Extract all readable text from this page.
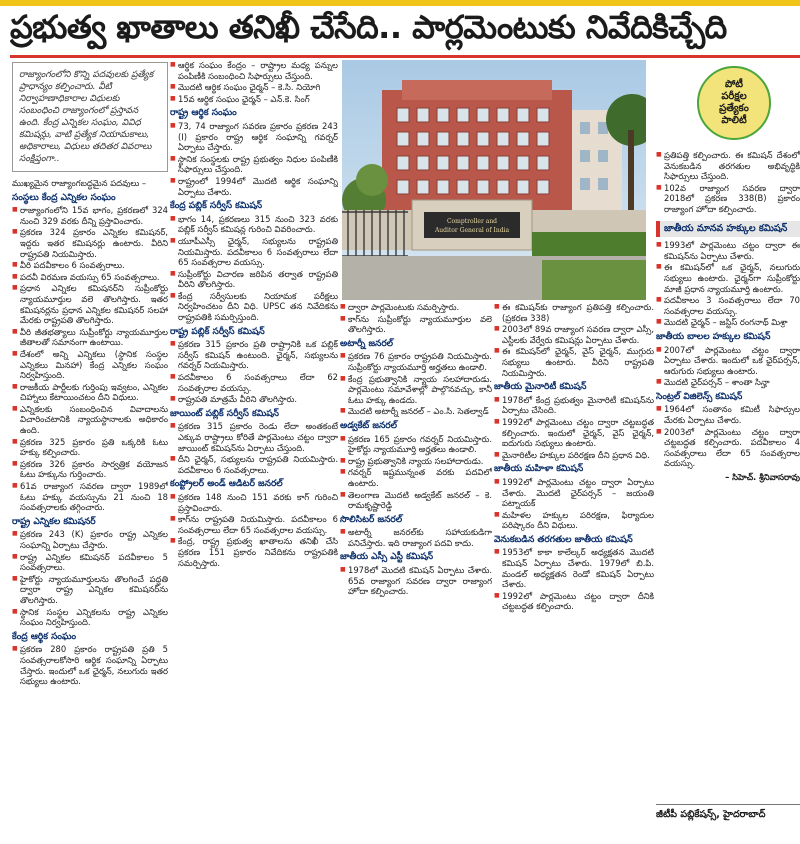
ప్రభుత్వ ఖాతాలు తనిఖీ చేసేది.. పార్లమెంటుకు నివేదికిచ్చేది
రాజ్యాంగంలోని కొన్ని పదవులకు ప్రత్యేక ప్రాధాన్యం కల్పించారు. వీటి నిర్వాహణాధికారాల విధులకు సంబంధించి రాజ్యాంగంలో ప్రస్తావన ఉంది. కేంద్ర ఎన్నికల సంఘం, వివిధ కమిషన్లు, వాటి ప్రత్యేక నియామకాలు, అధికారాలు, విధులు తదితర వివరాలు సంక్షిప్తంగా..
ముఖ్యమైన రాజ్యాంగబద్ధమైన పదవులు –
సంస్థలు కేంద్ర ఎన్నికల సంఘం
■ రాజ్యాంగంలోని 15వ భాగం, ప్రకరణలో 324 నుంచి 329 వరకు దీన్ని ప్రస్తావించారు.
■ ప్రకరణ 324 ప్రకారం ఎన్నికల కమిషనర్, ఇద్దరు ఇతర కమిషనర్లు ఉంటారు. వీరిని రాష్ట్రపతి నియమిస్తారు.
■ వీరి పదవీకాలం 6 సంవత్సరాలు.
■ పదవీ విరమణ వయస్సు 65 సంవత్సరాలు.
■ ప్రధాన ఎన్నికల కమిషనర్‌ని సుప్రీంకోర్టు న్యాయమూర్తుల వలె తొలగిస్తారు. ఇతర కమిషనర్లను ప్రధాన ఎన్నికల కమిషనర్ సలహా మేరకు రాష్ట్రపతి తొలగిస్తారు.
■ వీరి జీతభత్యాలు సుప్రీంకోర్టు న్యాయమూర్తుల జీతాలతో సమానంగా ఉంటాయి.
■ దేశంలో అన్ని ఎన్నికలు (స్థానిక సంస్థల ఎన్నికలు మినహా) కేంద్ర ఎన్నికల సంఘం నిర్వహిస్తుంది.
■ రాజకీయ పార్టీలకు గుర్తింపు ఇవ్వటం, ఎన్నికల చిహ్నాలు కేటాయించటం దీని విధులు.
■ ఎన్నికలకు సంబంధించిన వివాదాలను విచారించటానికి న్యాయస్థానాలకు అధికారం ఉంది.
■ ప్రకరణ 325 ప్రకారం ప్రతి ఒక్కరికి ఓటు హక్కు కల్పించారు.
■ ప్రకరణ 326 ప్రకారం సార్వత్రిక వయోజన ఓటు హక్కును గుర్తించారు.
■ 61వ రాజ్యాంగ సవరణ ద్వారా 1989లో ఓటు హక్కు వయస్సును 21 నుంచి 18 సంవత్సరాలకు తగ్గించారు.
రాష్ట్ర ఎన్నికల కమిషనర్
■ ప్రకరణ 243 (K) ప్రకారం రాష్ట్ర ఎన్నికల సంఘాన్ని ఏర్పాటు చేస్తారు.
■ రాష్ట్ర ఎన్నికల కమిషనర్ పదవీకాలం 5 సంవత్సరాలు.
■ హైకోర్టు న్యాయమూర్తులను తొలగించే పద్ధతి ద్వారా రాష్ట్ర ఎన్నికల కమిషనర్‌ను తొలగిస్తారు.
■ స్థానిక సంస్థల ఎన్నికలను రాష్ట్ర ఎన్నికల సంఘం నిర్వహిస్తుంది.
కేంద్ర ఆర్థిక సంఘం
■ ప్రకరణ 280 ప్రకారం రాష్ట్రపతి ప్రతి 5 సంవత్సరాలకోసారి ఆర్థిక సంఘాన్ని ఏర్పాటు చేస్తారు. ఇందులో ఒక ఛైర్మన్, నలుగురు ఇతర సభ్యులు ఉంటారు.
■ ఆర్థిక సంఘం కేంద్రం – రాష్ట్రాల మధ్య పన్నుల పంపిణీకి సంబంధించి సిఫార్సులు చేస్తుంది.
■ మొదటి ఆర్థిక సంఘం ఛైర్మన్ – కె.సి. నియోగి
■ 15వ ఆర్థిక సంఘం ఛైర్మన్ – ఎన్.కె. సింగ్
రాష్ట్ర ఆర్థిక సంఘం
■ 73, 74 రాజ్యాంగ సవరణ ప్రకారం ప్రకరణ 243 (I) ప్రకారం రాష్ట్ర ఆర్థిక సంఘాన్ని గవర్నర్ ఏర్పాటు చేస్తారు.
■ స్థానిక సంస్థలకు రాష్ట్ర ప్రభుత్వం నిధుల పంపిణీకి సిఫార్సులు చేస్తుంది.
■ రాష్ట్రంలో 1994లో మొదటి ఆర్థిక సంఘాన్ని ఏర్పాటు చేశారు.
కేంద్ర పబ్లిక్ సర్వీస్ కమిషన్
■ భాగం 14, ప్రకరణలు 315 నుంచి 323 వరకు పబ్లిక్ సర్వీస్ కమిషన్ల గురించి వివరించారు.
■ యూపీఎస్సీ ఛైర్మన్, సభ్యులను రాష్ట్రపతి నియమిస్తారు. పదవీకాలం 6 సంవత్సరాలు లేదా 65 సంవత్సరాల వయస్సు.
■ సుప్రీంకోర్టు విచారణ జరిపిన తర్వాత రాష్ట్రపతి వీరిని తొలగిస్తారు.
■ కేంద్ర సర్వీసులకు నియామక పరీక్షలు నిర్వహించటం దీని విధి. UPSC తన నివేదికను రాష్ట్రపతికి సమర్పిస్తుంది.
రాష్ట్ర పబ్లిక్ సర్వీస్ కమిషన్
■ ప్రకరణ 315 ప్రకారం ప్రతి రాష్ట్రానికి ఒక పబ్లిక్ సర్వీస్ కమిషన్ ఉంటుంది. ఛైర్మన్, సభ్యులను గవర్నర్ నియమిస్తారు.
■ పదవీకాలం 6 సంవత్సరాలు లేదా 62 సంవత్సరాల వయస్సు.
■ రాష్ట్రపతి మాత్రమే వీరిని తొలగిస్తారు.
జాయింట్ పబ్లిక్ సర్వీస్ కమిషన్
■ ప్రకరణ 315 ప్రకారం రెండు లేదా అంతకంటే ఎక్కువ రాష్ట్రాలు కోరితే పార్లమెంటు చట్టం ద్వారా జాయింట్ కమిషన్‌ను ఏర్పాటు చేస్తుంది.
■ దీని ఛైర్మన్, సభ్యులను రాష్ట్రపతి నియమిస్తారు. పదవీకాలం 6 సంవత్సరాలు.
కంప్ట్రోలర్ అండ్ ఆడిటర్ జనరల్
■ ప్రకరణ 148 నుంచి 151 వరకు కాగ్ గురించి ప్రస్తావించారు.
■ కాగ్‌ను రాష్ట్రపతి నియమిస్తారు. పదవీకాలం 6 సంవత్సరాలు లేదా 65 సంవత్సరాల వయస్సు.
■ కేంద్ర, రాష్ట్ర ప్రభుత్వ ఖాతాలను తనిఖీ చేసి ప్రకరణ 151 ప్రకారం నివేదికను రాష్ట్రపతికి సమర్పిస్తారు.
Comptroller and
Auditor General of India
■ ద్వారా పార్లమెంటుకు సమర్పిస్తారు.
■ కాగ్‌ను సుప్రీంకోర్టు న్యాయమూర్తుల వలె తొలగిస్తారు.
అటార్నీ జనరల్
■ ప్రకరణ 76 ప్రకారం రాష్ట్రపతి నియమిస్తారు. సుప్రీంకోర్టు న్యాయమూర్తి అర్హతలు ఉండాలి.
■ కేంద్ర ప్రభుత్వానికి న్యాయ సలహాదారుడు. పార్లమెంటు సమావేశాల్లో పాల్గొనవచ్చు, కానీ ఓటు హక్కు ఉండదు.
■ మొదటి అటార్నీ జనరల్ – ఎం.సి. సెతల్వాడ్
అడ్వకేట్ జనరల్
■ ప్రకరణ 165 ప్రకారం గవర్నర్ నియమిస్తారు. హైకోర్టు న్యాయమూర్తి అర్హతలు ఉండాలి.
■ రాష్ట్ర ప్రభుత్వానికి న్యాయ సలహాదారుడు.
■ గవర్నర్ ఇష్టమున్నంత వరకు పదవిలో ఉంటారు.
■ తెలంగాణ మొదటి అడ్వకేట్ జనరల్ – కె. రామకృష్ణారెడ్డి
సొలిసిటర్ జనరల్
■ అటార్నీ జనరల్‌కు సహాయకుడిగా పనిచేస్తారు. ఇది రాజ్యాంగ పదవి కాదు.
జాతీయ ఎస్సీ ఎస్టీ కమిషన్
■ 1978లో మొదటి కమిషన్ ఏర్పాటు చేశారు. 65వ రాజ్యాంగ సవరణ ద్వారా రాజ్యాంగ హోదా కల్పించారు.
■ ఈ కమిషన్‌కు రాజ్యాంగ ప్రతిపత్తి కల్పించారు. (ప్రకరణ 338)
■ 2003లో 89వ రాజ్యాంగ సవరణ ద్వారా ఎస్సీ, ఎస్టీలకు వేర్వేరు కమిషన్లు ఏర్పాటు చేశారు.
■ ఈ కమిషన్‌లో ఛైర్మన్, వైస్ ఛైర్మన్, ముగ్గురు సభ్యులు ఉంటారు. వీరిని రాష్ట్రపతి నియమిస్తారు.
జాతీయ మైనారిటీ కమిషన్
■ 1978లో కేంద్ర ప్రభుత్వం మైనారిటీ కమిషన్‌ను ఏర్పాటు చేసింది.
■ 1992లో పార్లమెంటు చట్టం ద్వారా చట్టబద్ధత కల్పించారు. ఇందులో ఛైర్మన్, వైస్ ఛైర్మన్, ఐదుగురు సభ్యులు ఉంటారు.
■ మైనారిటీల హక్కుల పరిరక్షణ దీని ప్రధాన విధి.
జాతీయ మహిళా కమిషన్
■ 1992లో పార్లమెంటు చట్టం ద్వారా ఏర్పాటు చేశారు. మొదటి ఛైర్‌పర్సన్ – జయంతి పట్నాయక్
■ మహిళల హక్కుల పరిరక్షణ, ఫిర్యాదుల పరిష్కారం దీని విధులు.
వెనుకబడిన తరగతుల జాతీయ కమిషన్
■ 1953లో కాకా కాలేల్కర్ అధ్యక్షతన మొదటి కమిషన్ ఏర్పాటు చేశారు. 1979లో బి.పి. మండల్ అధ్యక్షతన రెండో కమిషన్ ఏర్పాటు చేశారు.
■ 1992లో పార్లమెంటు చట్టం ద్వారా దీనికి చట్టబద్ధత కల్పించారు.
పోటీ
పరీక్షల
ప్రత్యేకం
పాలిటీ
■ ప్రతిపత్తి కల్పించారు. ఈ కమిషన్ దేశంలో వెనుకబడిన తరగతుల అభివృద్ధికి సిఫార్సులు చేస్తుంది.
■ 102వ రాజ్యాంగ సవరణ ద్వారా 2018లో ప్రకరణ 338(B) ప్రకారం రాజ్యాంగ హోదా కల్పించారు.
జాతీయ మానవ హక్కుల కమిషన్
■ 1993లో పార్లమెంటు చట్టం ద్వారా ఈ కమిషన్‌ను ఏర్పాటు చేశారు.
■ ఈ కమిషన్‌లో ఒక ఛైర్మన్, నలుగురు సభ్యులు ఉంటారు. ఛైర్మన్‌గా సుప్రీంకోర్టు మాజీ ప్రధాన న్యాయమూర్తి ఉంటారు.
■ పదవీకాలం 3 సంవత్సరాలు లేదా 70 సంవత్సరాల వయస్సు.
■ మొదటి ఛైర్మన్ – జస్టిస్ రంగనాథ్ మిశ్రా
జాతీయ బాలల హక్కుల కమిషన్
■ 2007లో పార్లమెంటు చట్టం ద్వారా ఏర్పాటు చేశారు. ఇందులో ఒక ఛైర్‌పర్సన్, ఆరుగురు సభ్యులు ఉంటారు.
■ మొదటి ఛైర్‌పర్సన్ – శాంతా సిన్హా
సెంట్రల్ విజిలెన్స్ కమిషన్
■ 1964లో సంతానం కమిటీ సిఫార్సుల మేరకు ఏర్పాటు చేశారు.
■ 2003లో పార్లమెంటు చట్టం ద్వారా చట్టబద్ధత కల్పించారు. పదవీకాలం 4 సంవత్సరాలు లేదా 65 సంవత్సరాల వయస్సు.
– సిహెచ్. శ్రీనివాసరావు
జీటీపీ పబ్లికేషన్స్, హైదరాబాద్
